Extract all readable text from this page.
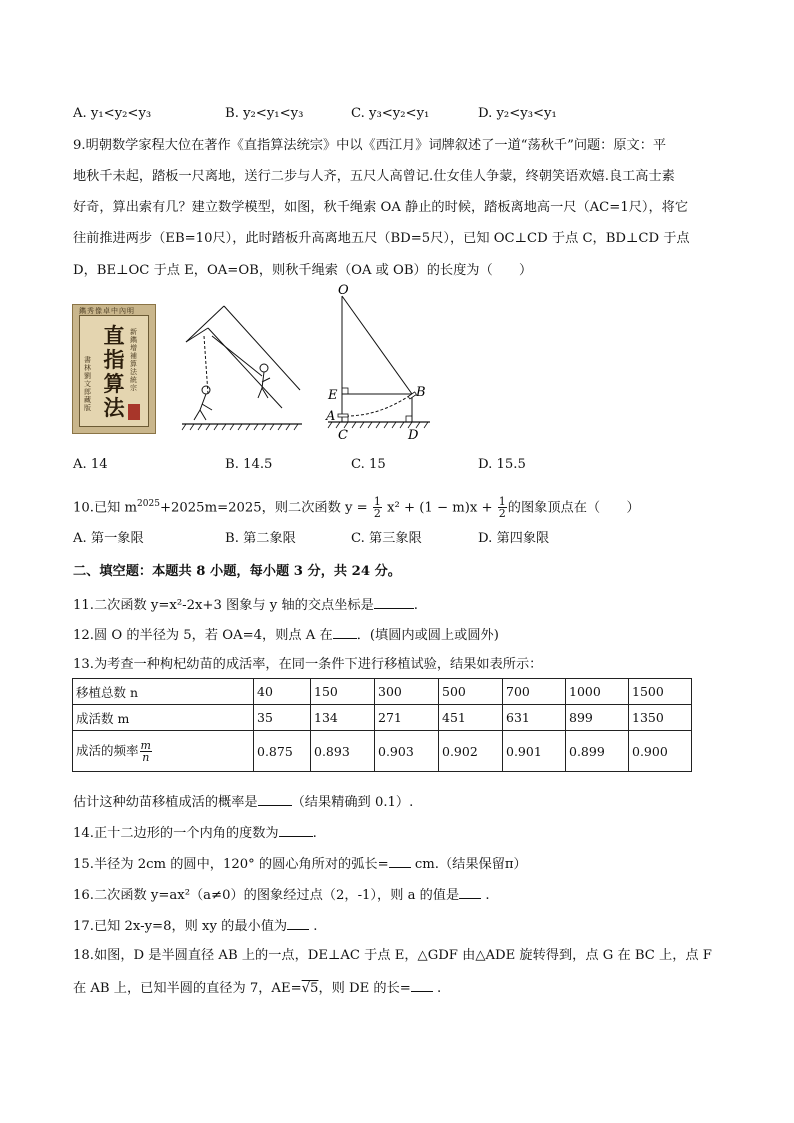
A. y₁<y₂<y₃	B. y₂<y₁<y₃	C. y₃<y₂<y₁	D. y₂<y₃<y₁
9.明朝数学家程大位在著作《直指算法统宗》中以《西江月》词牌叙述了一道“荡秋千”问题：原文：平
地秋千未起，踏板一尺离地，送行二步与人齐，五尺人高曾记.仕女佳人争蒙，终朝笑语欢嬉.良工高士素
好奇，算出索有几？建立数学模型，如图，秋千绳索 OA 静止的时候，踏板离地高一尺（AC=1尺），将它
往前推进两步（EB=10尺），此时踏板升高离地五尺（BD=5尺），已知 OC⊥CD 于点 C，BD⊥CD 于点
D，BE⊥OC 于点 E，OA=OB，则秋千绳索（OA 或 OB）的长度为（　　）
鐫秀像卓中內明
新鐫增補算法統宗
書林劉文郎藏版
直
指
算
法
O
E
A
B
C	D
A. 14	B. 14.5	C. 15	D. 15.5
10.已知 $m^{2025}+2025m=2025$，则二次函数 $y = \frac{1}{2} x^2 + (1 - m)x + \frac{1}{2}$ 的图象顶点在（　　）
A. 第一象限	B. 第二象限	C. 第三象限	D. 第四象限
二、填空题：本题共 8 小题，每小题 3 分，共 24 分。
11.二次函数 y=x²-2x+3 图象与 y 轴的交点坐标是	.
12.圆 O 的半径为 5，若 OA=4，则点 A 在 ．(填圆内或圆上或圆外)
13.为考查一种枸杞幼苗的成活率，在同一条件下进行移植试验，结果如表所示：
移植总数 n	40	150	300	500	700	1000	1500
成活数 m	35	134	271	451	631	899	1350
成活的频率 $\frac{m}{n}$	0.875	0.893	0.903	0.902	0.901	0.899	0.900
估计这种幼苗移植成活的概率是	（结果精确到 0.1）.
14.正十二边形的一个内角的度数为	.
15.半径为 2cm 的圆中，120° 的圆心角所对的弧长= cm.（结果保留π）
16.二次函数 y=ax²（a≠0）的图象经过点（2，-1），则 a 的值是 .
17.已知 2x-y=8，则 xy 的最小值为 .
18.如图，D 是半圆直径 AB 上的一点，DE⊥AC 于点 E，△GDF 由△ADE 旋转得到，点 G 在 BC 上，点 F
在 AB 上，已知半圆的直径为 7，AE=√5，则 DE 的长= .
